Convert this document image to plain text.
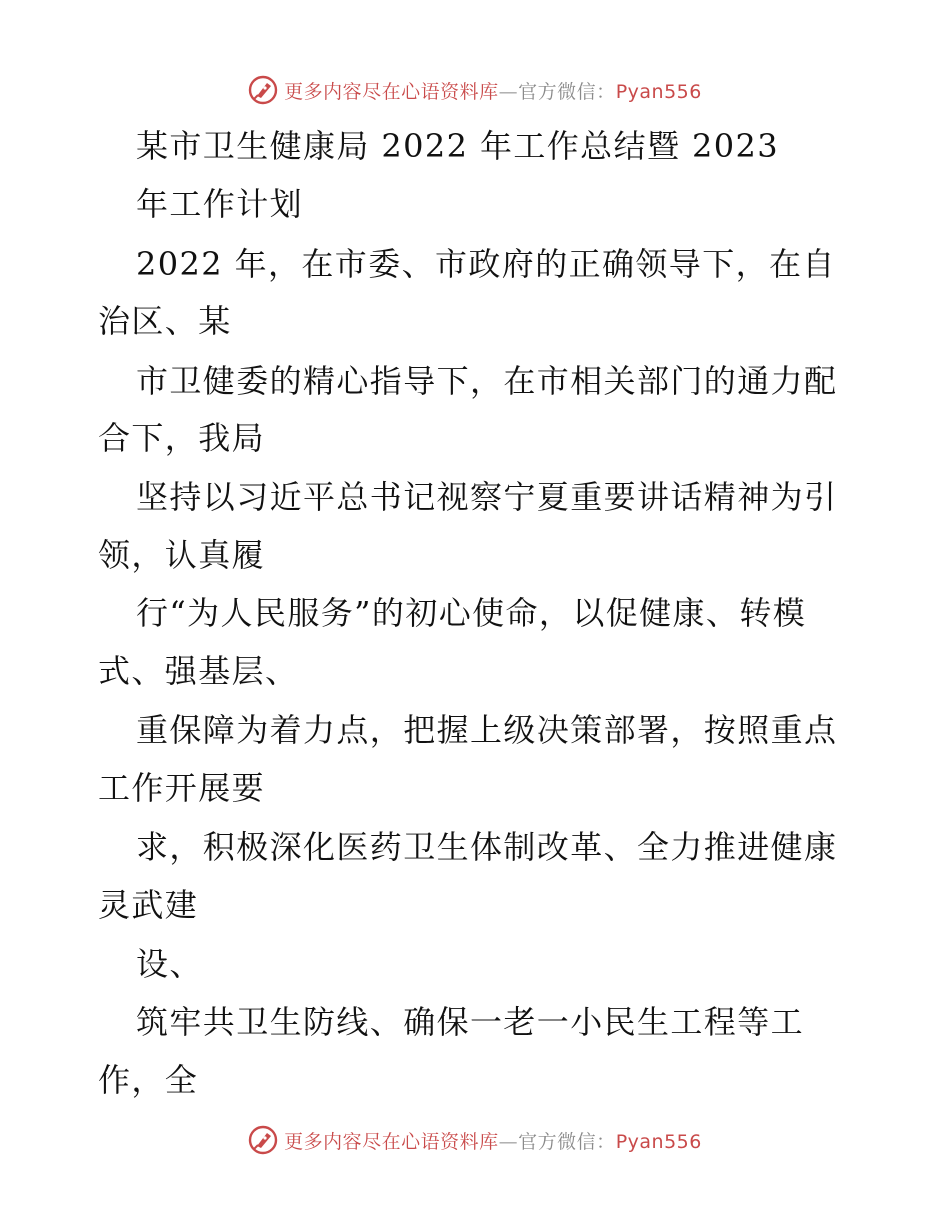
更多内容尽在心语资料库—官方微信：Pyan556
某市卫生健康局 2022 年工作总结暨 2023
年工作计划
2022 年，在市委、市政府的正确领导下，在自
治区、某
市卫健委的精心指导下，在市相关部门的通力配
合下，我局
坚持以习近平总书记视察宁夏重要讲话精神为引
领，认真履
行“为人民服务”的初心使命，以促健康、转模
式、强基层、
重保障为着力点，把握上级决策部署，按照重点
工作开展要
求，积极深化医药卫生体制改革、全力推进健康
灵武建
设、
筑牢共卫生防线、确保一老一小民生工程等工
作，全
更多内容尽在心语资料库—官方微信：Pyan556
